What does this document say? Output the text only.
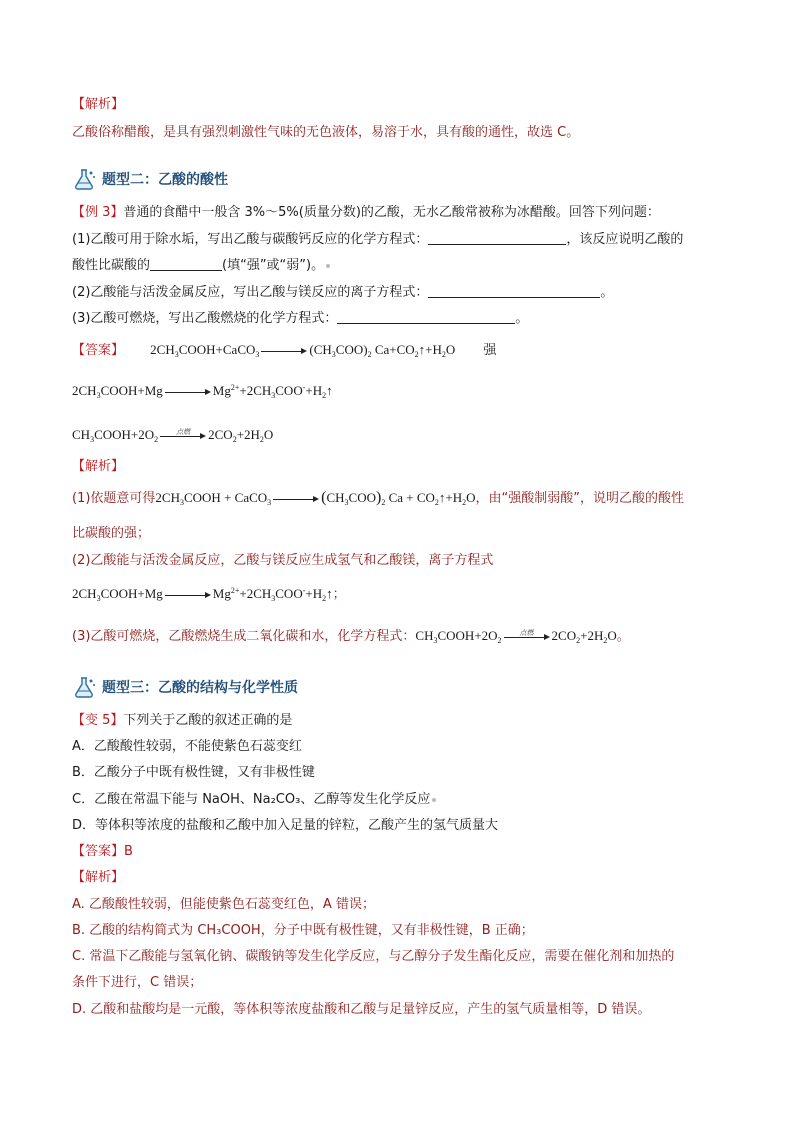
【解析】
乙酸俗称醋酸，是具有强烈刺激性气味的无色液体，易溶于水，具有酸的通性，故选 C。
题型二：乙酸的酸性
【例 3】普通的食醋中一般含 3%～5%(质量分数)的乙酸，无水乙酸常被称为冰醋酸。回答下列问题：
(1)乙酸可用于除水垢，写出乙酸与碳酸钙反应的化学方程式：	，该反应说明乙酸的
酸性比碳酸的	(填“强”或“弱”)。
(2)乙酸能与活泼金属反应，写出乙酸与镁反应的离子方程式：	。
(3)乙酸可燃烧，写出乙酸燃烧的化学方程式：	。
【答案】 $2CH_3COOH+CaCO_3$	$(CH_3COO)_2$ $Ca+CO_2↑+H_2O$ 强
$2CH_3COOH+Mg$	$Mg^{2+}+2CH_3COO^-+H_2↑$
$CH_3COOH+2O_2$
点燃	$2CO_2+2H_2O$
【解析】
(1)依题意可得$2CH_3COOH$ + CaCO$_3$	$(CH_3COO)_2$ $Ca + CO_2↑+H_2O$，由“强酸制弱酸”，说明乙酸的酸性
比碳酸的强；
(2)乙酸能与活泼金属反应，乙酸与镁反应生成氢气和乙酸镁，离子方程式
$2CH_3COOH+Mg$	$Mg^{2+}+2CH_3COO^-+H_2↑$；
(3)乙酸可燃烧，乙酸燃烧生成二氧化碳和水，化学方程式：$CH_3COOH+2O_2$
点燃	$2CO_2+2H_2O$。
题型三：乙酸的结构与化学性质
【变 5】下列关于乙酸的叙述正确的是
A．乙酸酸性较弱，不能使紫色石蕊变红
B．乙酸分子中既有极性键，又有非极性键
C．乙酸在常温下能与 NaOH、Na₂CO₃、乙醇等发生化学反应
D．等体积等浓度的盐酸和乙酸中加入足量的锌粒，乙酸产生的氢气质量大
【答案】B
【解析】
A. 乙酸酸性较弱，但能使紫色石蕊变红色，A 错误；
B. 乙酸的结构简式为 CH₃COOH，分子中既有极性键，又有非极性键，B 正确；
C. 常温下乙酸能与氢氧化钠、碳酸钠等发生化学反应，与乙醇分子发生酯化反应，需要在催化剂和加热的
条件下进行，C 错误；
D. 乙酸和盐酸均是一元酸，等体积等浓度盐酸和乙酸与足量锌反应，产生的氢气质量相等，D 错误。
